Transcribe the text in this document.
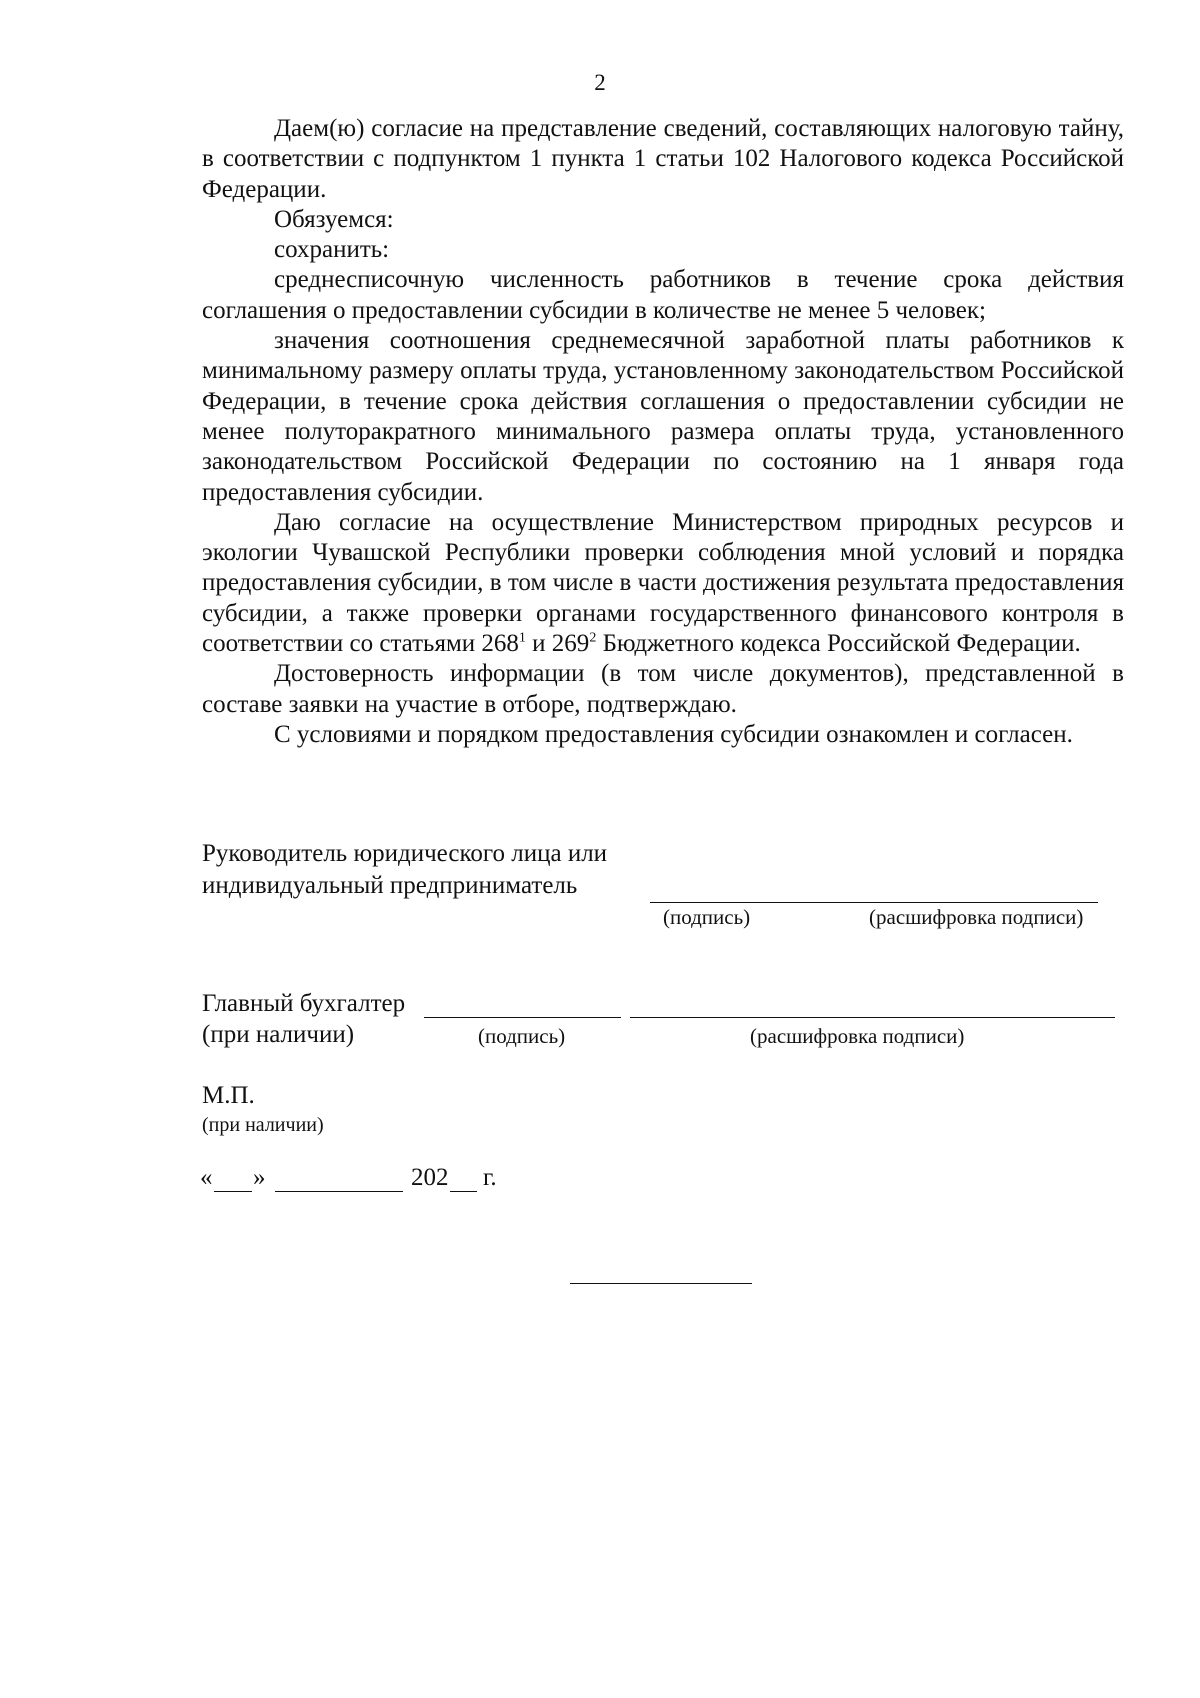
2

Даем(ю) согласие на представление сведений, составляющих налоговую тайну, в соответствии с подпунктом 1 пункта 1 статьи 102 Налогового кодекса Российской Федерации.

Обязуемся:

сохранить:

среднесписочную численность работников в течение срока действия соглашения о предоставлении субсидии в количестве не менее 5 человек;

значения соотношения среднемесячной заработной платы работников к минимальному размеру оплаты труда, установленному законодательством Российской Федерации, в течение срока действия соглашения о предоставлении субсидии не менее полуторакратного минимального размера оплаты труда, установленного законодательством Российской Федерации по состоянию на 1 января года предоставления субсидии.

Даю согласие на осуществление Министерством природных ресурсов и экологии Чувашской Республики проверки соблюдения мной условий и порядка предоставления субсидии, в том числе в части достижения результата предоставления субсидии, а также проверки органами государственного финансового контроля в соответствии со статьями $268^1$ и $269^2$ Бюджетного кодекса Российской Федерации.

Достоверность информации (в том числе документов), представленной в составе заявки на участие в отборе, подтверждаю.

С условиями и порядком предоставления субсидии ознакомлен и согласен.

Руководитель юридического лица или
индивидуальный предприниматель
(подпись)	(расшифровка подписи)
Главный бухгалтер
(при наличии)	(подпись)	(расшифровка подписи)
М.П.
(при наличии)
« »	202 г.
